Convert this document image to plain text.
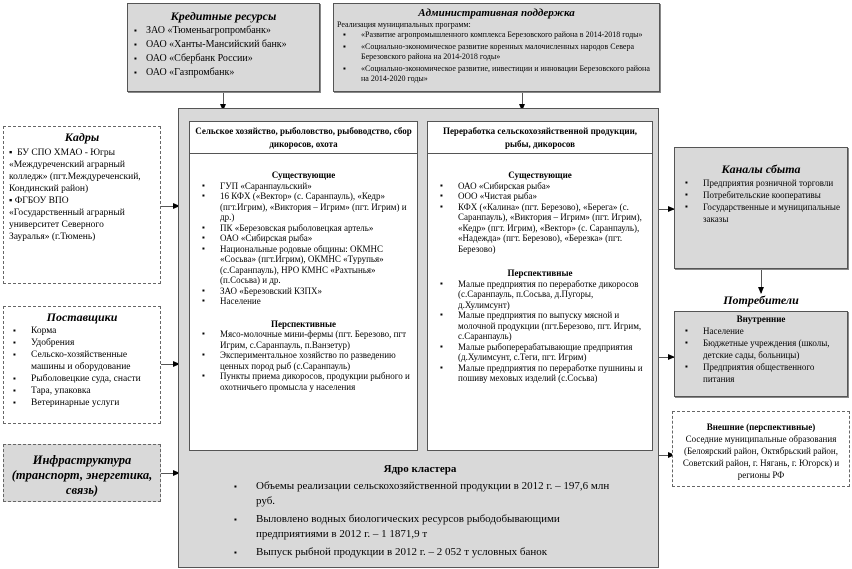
Кредитные ресурсы
▪ ЗАО «Тюменьагропромбанк»
▪ ОАО «Ханты-Мансийский банк»
▪ ОАО «Сбербанк России»
▪ ОАО «Газпромбанк»
Административная поддержка
Реализация муниципальных программ:
▪ «Развитие агропромышленного комплекса Березовского района в 2014-2018 годы»
▪ «Социально-экономическое развитие коренных малочисленных народов Севера Березовского района на 2014-2018 годы»
▪ «Социально-экономическое развитие, инвестиции и инновации Березовского района на 2014-2020 годы»
Кадры
▪  БУ СПО ХМАО - Югры «Междуреченский аграрный колледж» (пгт.Междуреченский, Кондинский район)
▪ ФГБОУ ВПО «Государственный аграрный университет Северного Зауралья» (г.Тюмень)
Поставщики
▪ Корма
▪ Удобрения
▪ Сельско-хозяйственные машины и оборудование
▪ Рыболовецкие суда, снасти
▪ Тара, упаковка
▪ Ветеринарные услуги
Инфраструктура (транспорт, энергетика, связь)
Сельское хозяйство, рыболовство, рыбоводство, сбор дикоросов, охота
Существующие
▪ ГУП «Саранпаульский»
▪ 16 КФХ («Вектор» (с. Саранпауль), «Кедр» (пгт.Игрим), «Виктория – Игрим» (пгт. Игрим) и др.)
▪ ПК «Березовская рыболовецкая артель»
▪ ОАО «Сибирская рыба»
▪ Национальные родовые общины: ОКМНС «Сосьва» (пгт.Игрим), ОКМНС «Турупья» (с.Саранпауль), НРО КМНС «Рахтынья» (п.Сосьва) и др.
▪ ЗАО «Березовский КЗПХ»
▪ Население
Перспективные
▪ Мясо-молочные мини-фермы (пгт. Березово, пгт Игрим, с.Саранпауль, п.Ванзетур)
▪ Экспериментальное хозяйство по разведению ценных пород рыб (с.Саранпауль)
▪ Пункты приема дикоросов, продукции рыбного и охотничьего промысла у населения
Переработка сельскохозяйственной продукции, рыбы, дикоросов
Существующие
▪ ОАО «Сибирская рыба»
▪ ООО «Чистая рыба»
▪ КФХ («Калина» (пгт. Березово), «Берега» (с. Саранпауль), «Виктория – Игрим» (пгт. Игрим), «Кедр» (пгт. Игрим), «Вектор» (с. Саранпауль), «Надежда» (пгт. Березово), «Березка» (пгт. Березово)
Перспективные
▪ Малые предприятия по переработке дикоросов (с.Саранпауль, п.Сосьва, д.Пугоры, д.Хулимсунт)
▪ Малые предприятия по выпуску мясной и молочной продукции (пгт.Березово, пгт. Игрим, с.Саранпауль)
▪ Малые рыбоперерабатывающие предприятия (д.Хулимсунт, с.Теги, пгт. Игрим)
▪ Малые предприятия по переработке пушнины и пошиву меховых изделий (с.Сосьва)
Ядро кластера
▪ Объемы реализации сельскохозяйственной продукции в 2012 г. – 197,6 млн руб.
▪ Выловлено водных биологических ресурсов рыбодобывающими предприятиями в 2012 г. – 1 1871,9 т
▪ Выпуск рыбной продукции в 2012 г. – 2 052 т условных банок
Каналы сбыта
▪ Предприятия розничной торговли
▪ Потребительские кооперативы
▪ Государственные и муниципальные заказы
Потребители
Внутренние
▪ Население
▪ Бюджетные учреждения (школы, детские сады, больницы)
▪ Предприятия общественного питания
Внешние (перспективные)
Соседние муниципальные образования (Белоярский район, Октябрьский район, Советский район, г. Нягань, г. Югорск) и регионы РФ
